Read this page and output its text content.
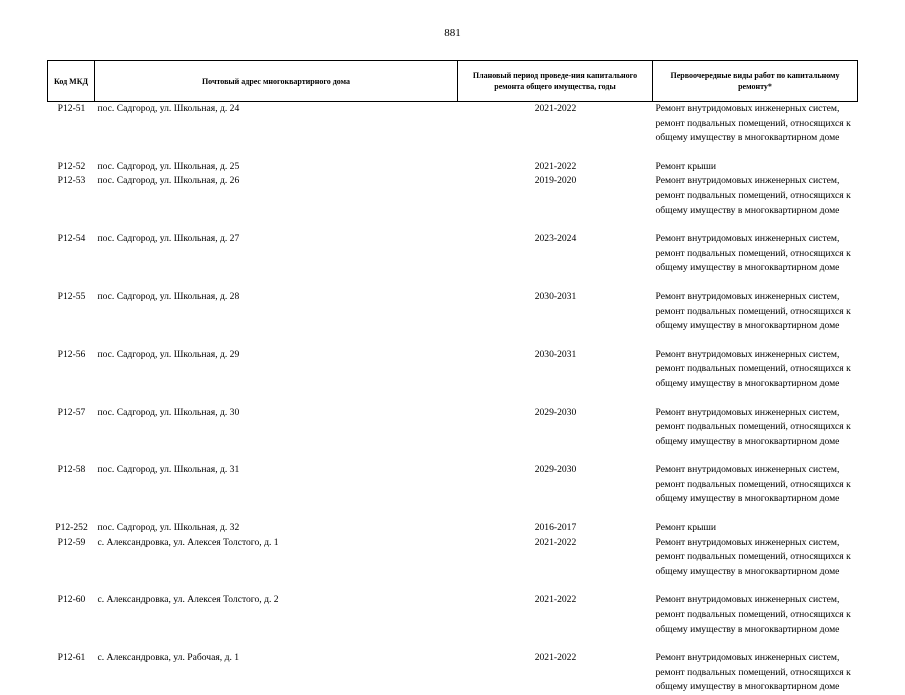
881
Код МКД	Почтовый адрес многоквартирного дома	Плановый период проведе-ния капитального ремонта общего имущества, годы	Первоочередные виды работ по капитальному ремонту*
P12-51	пос. Садгород, ул. Школьная, д. 24	2021-2022	Ремонт внутридомовых инженерных систем, ремонт подвальных помещений, относящихся к общему имуществу в многоквартирном доме
P12-52	пос. Садгород, ул. Школьная, д. 25	2021-2022	Ремонт крыши
P12-53	пос. Садгород, ул. Школьная, д. 26	2019-2020	Ремонт внутридомовых инженерных систем, ремонт подвальных помещений, относящихся к общему имуществу в многоквартирном доме
P12-54	пос. Садгород, ул. Школьная, д. 27	2023-2024	Ремонт внутридомовых инженерных систем, ремонт подвальных помещений, относящихся к общему имуществу в многоквартирном доме
P12-55	пос. Садгород, ул. Школьная, д. 28	2030-2031	Ремонт внутридомовых инженерных систем, ремонт подвальных помещений, относящихся к общему имуществу в многоквартирном доме
P12-56	пос. Садгород, ул. Школьная, д. 29	2030-2031	Ремонт внутридомовых инженерных систем, ремонт подвальных помещений, относящихся к общему имуществу в многоквартирном доме
P12-57	пос. Садгород, ул. Школьная, д. 30	2029-2030	Ремонт внутридомовых инженерных систем, ремонт подвальных помещений, относящихся к общему имуществу в многоквартирном доме
P12-58	пос. Садгород, ул. Школьная, д. 31	2029-2030	Ремонт внутридомовых инженерных систем, ремонт подвальных помещений, относящихся к общему имуществу в многоквартирном доме
P12-252	пос. Садгород, ул. Школьная, д. 32	2016-2017	Ремонт крыши
P12-59	с. Александровка, ул. Алексея Толстого, д. 1	2021-2022	Ремонт внутридомовых инженерных систем, ремонт подвальных помещений, относящихся к общему имуществу в многоквартирном доме
P12-60	с. Александровка, ул. Алексея Толстого, д. 2	2021-2022	Ремонт внутридомовых инженерных систем, ремонт подвальных помещений, относящихся к общему имуществу в многоквартирном доме
P12-61	с. Александровка, ул. Рабочая, д. 1	2021-2022	Ремонт внутридомовых инженерных систем, ремонт подвальных помещений, относящихся к общему имуществу в многоквартирном доме
